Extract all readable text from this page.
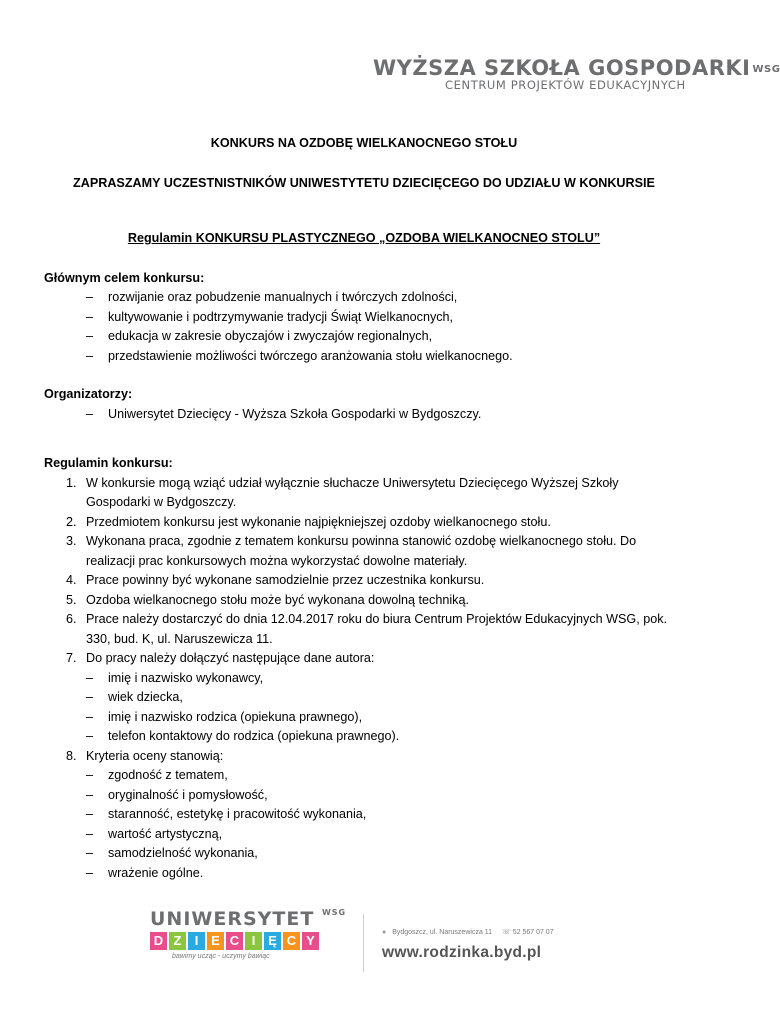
WYŻSZA SZKOŁA GOSPODARKI WSG
CENTRUM PROJEKTÓW EDUKACYJNYCH
KONKURS NA OZDOBĘ WIELKANOCNEGO STOŁU
ZAPRASZAMY UCZESTNISTNIKÓW UNIWESTYTETU DZIECIĘCEGO DO UDZIAŁU W KONKURSIE
Regulamin KONKURSU PLASTYCZNEGO „OZDOBA WIELKANOCNEO STOLU”
Głównym celem konkursu:
– rozwijanie oraz pobudzenie manualnych i twórczych zdolności,
– kultywowanie i podtrzymywanie tradycji Świąt Wielkanocnych,
– edukacja w zakresie obyczajów i zwyczajów regionalnych,
– przedstawienie możliwości twórczego aranżowania stołu wielkanocnego.
Organizatorzy:
– Uniwersytet Dziecięcy - Wyższa Szkoła Gospodarki w Bydgoszczy.
Regulamin konkursu:
1. W konkursie mogą wziąć udział wyłącznie słuchacze Uniwersytetu Dziecięcego Wyższej Szkoły Gospodarki w Bydgoszczy.
2. Przedmiotem konkursu jest wykonanie najpiękniejszej ozdoby wielkanocnego stołu.
3. Wykonana praca, zgodnie z tematem konkursu powinna stanowić ozdobę wielkanocnego stołu. Do realizacji prac konkursowych można wykorzystać dowolne materiały.
4. Prace powinny być wykonane samodzielnie przez uczestnika konkursu.
5. Ozdoba wielkanocnego stołu może być wykonana dowolną techniką.
6. Prace należy dostarczyć do dnia 12.04.2017 roku do biura Centrum Projektów Edukacyjnych WSG, pok. 330, bud. K, ul. Naruszewicza 11.
7. Do pracy należy dołączyć następujące dane autora:
– imię i nazwisko wykonawcy,
– wiek dziecka,
– imię i nazwisko rodzica (opiekuna prawnego),
– telefon kontaktowy do rodzica (opiekuna prawnego).
8. Kryteria oceny stanowią:
– zgodność z tematem,
– oryginalność i pomysłowość,
– staranność, estetykę i pracowitość wykonania,
– wartość artystyczną,
– samodzielność wykonania,
– wrażenie ogólne.
UNIWERSYTET $^{WSG}$
D Z	I E C I Ę C Y
bawimy ucząc - uczymy bawiąc
● Bydgoszcz, ul. Naruszewicza 11 ☏ 52 567 07 07
www.rodzinka.byd.pl
